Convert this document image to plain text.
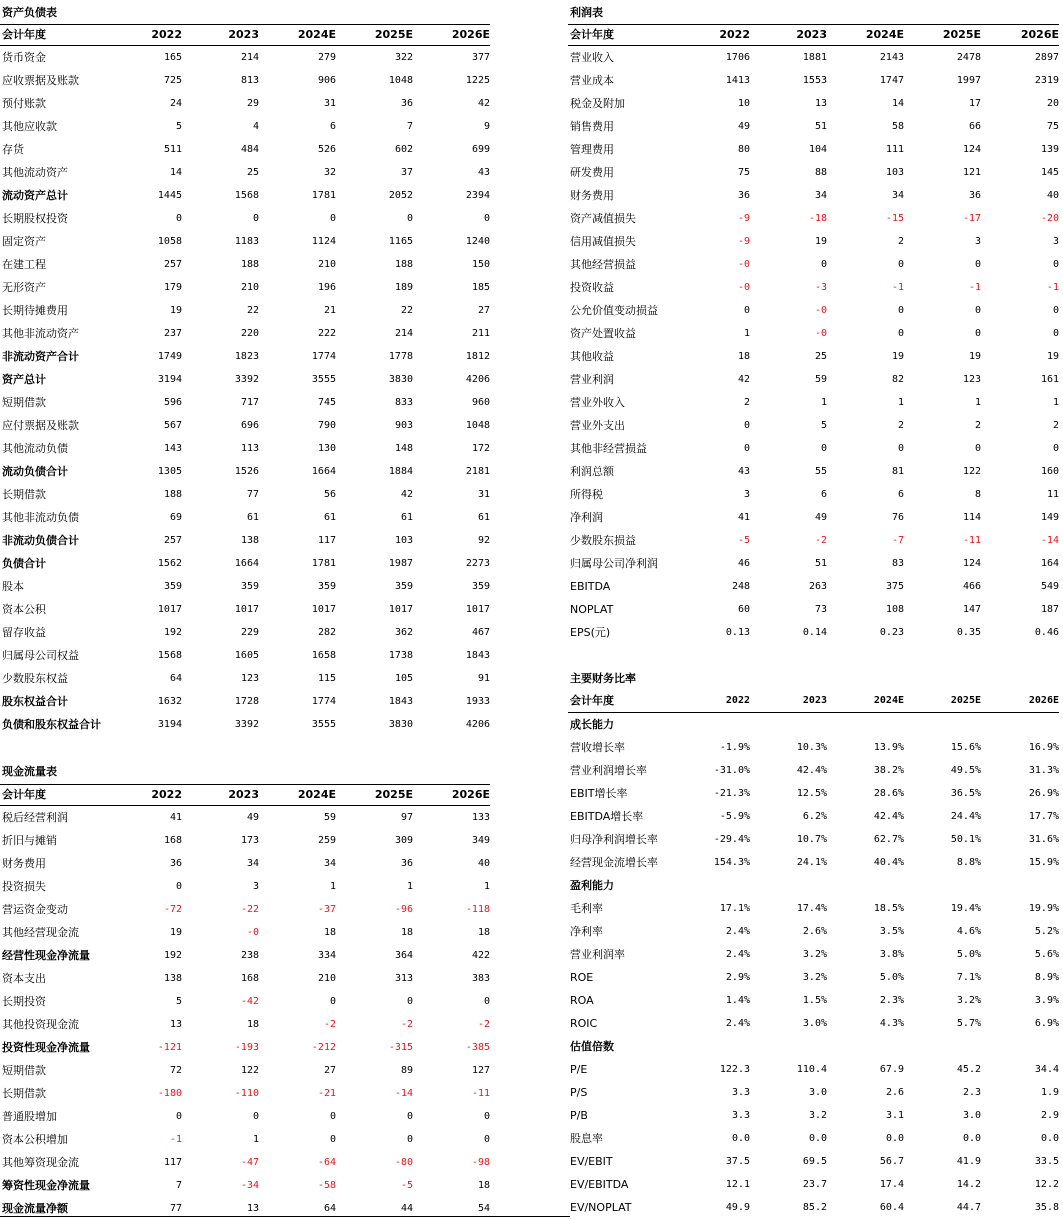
资产负债表
会计年度	2022	2023	2024E	2025E	2026E
货币资金	165	214	279	322	377
应收票据及账款	725	813	906	1048	1225
预付账款	24	29	31	36	42
其他应收款	5	4	6	7	9
存货	511	484	526	602	699
其他流动资产	14	25	32	37	43
流动资产总计	1445	1568	1781	2052	2394
长期股权投资	0	0	0	0	0
固定资产	1058	1183	1124	1165	1240
在建工程	257	188	210	188	150
无形资产	179	210	196	189	185
长期待摊费用	19	22	21	22	27
其他非流动资产	237	220	222	214	211
非流动资产合计	1749	1823	1774	1778	1812
资产总计	3194	3392	3555	3830	4206
短期借款	596	717	745	833	960
应付票据及账款	567	696	790	903	1048
其他流动负债	143	113	130	148	172
流动负债合计	1305	1526	1664	1884	2181
长期借款	188	77	56	42	31
其他非流动负债	69	61	61	61	61
非流动负债合计	257	138	117	103	92
负债合计	1562	1664	1781	1987	2273
股本	359	359	359	359	359
资本公积	1017	1017	1017	1017	1017
留存收益	192	229	282	362	467
归属母公司权益	1568	1605	1658	1738	1843
少数股东权益	64	123	115	105	91
股东权益合计	1632	1728	1774	1843	1933
负债和股东权益合计	3194	3392	3555	3830	4206
现金流量表
会计年度	2022	2023	2024E	2025E	2026E
税后经营利润	41	49	59	97	133
折旧与摊销	168	173	259	309	349
财务费用	36	34	34	36	40
投资损失	0	3	1	1	1
营运资金变动	-72	-22	-37	-96	-118
其他经营现金流	19	-0	18	18	18
经营性现金净流量	192	238	334	364	422
资本支出	138	168	210	313	383
长期投资	5	-42	0	0	0
其他投资现金流	13	18	-2	-2	-2
投资性现金净流量	-121	-193	-212	-315	-385
短期借款	72	122	27	89	127
长期借款	-180	-110	-21	-14	-11
普通股增加	0	0	0	0	0
资本公积增加	-1	1	0	0	0
其他筹资现金流	117	-47	-64	-80	-98
筹资性现金净流量	7	-34	-58	-5	18
现金流量净额	77	13	64	44	54
利润表
会计年度	2022	2023	2024E	2025E	2026E
营业收入	1706	1881	2143	2478	2897
营业成本	1413	1553	1747	1997	2319
税金及附加	10	13	14	17	20
销售费用	49	51	58	66	75
管理费用	80	104	111	124	139
研发费用	75	88	103	121	145
财务费用	36	34	34	36	40
资产减值损失	-9	-18	-15	-17	-20
信用减值损失	-9	19	2	3	3
其他经营损益	-0	0	0	0	0
投资收益	-0	-3	-1	-1	-1
公允价值变动损益	0	-0	0	0	0
资产处置收益	1	-0	0	0	0
其他收益	18	25	19	19	19
营业利润	42	59	82	123	161
营业外收入	2	1	1	1	1
营业外支出	0	5	2	2	2
其他非经营损益	0	0	0	0	0
利润总额	43	55	81	122	160
所得税	3	6	6	8	11
净利润	41	49	76	114	149
少数股东损益	-5	-2	-7	-11	-14
归属母公司净利润	46	51	83	124	164
EBITDA	248	263	375	466	549
NOPLAT	60	73	108	147	187
EPS(元)	0.13	0.14	0.23	0.35	0.46
主要财务比率
会计年度	2022	2023	2024E	2025E	2026E
成长能力					
营收增长率	-1.9%	10.3%	13.9%	15.6%	16.9%
营业利润增长率	-31.0%	42.4%	38.2%	49.5%	31.3%
EBIT增长率	-21.3%	12.5%	28.6%	36.5%	26.9%
EBITDA增长率	-5.9%	6.2%	42.4%	24.4%	17.7%
归母净利润增长率	-29.4%	10.7%	62.7%	50.1%	31.6%
经营现金流增长率	154.3%	24.1%	40.4%	8.8%	15.9%
盈利能力					
毛利率	17.1%	17.4%	18.5%	19.4%	19.9%
净利率	2.4%	2.6%	3.5%	4.6%	5.2%
营业利润率	2.4%	3.2%	3.8%	5.0%	5.6%
ROE	2.9%	3.2%	5.0%	7.1%	8.9%
ROA	1.4%	1.5%	2.3%	3.2%	3.9%
ROIC	2.4%	3.0%	4.3%	5.7%	6.9%
估值倍数					
P/E	122.3	110.4	67.9	45.2	34.4
P/S	3.3	3.0	2.6	2.3	1.9
P/B	3.3	3.2	3.1	3.0	2.9
股息率	0.0	0.0	0.0	0.0	0.0
EV/EBIT	37.5	69.5	56.7	41.9	33.5
EV/EBITDA	12.1	23.7	17.4	14.2	12.2
EV/NOPLAT	49.9	85.2	60.4	44.7	35.8
